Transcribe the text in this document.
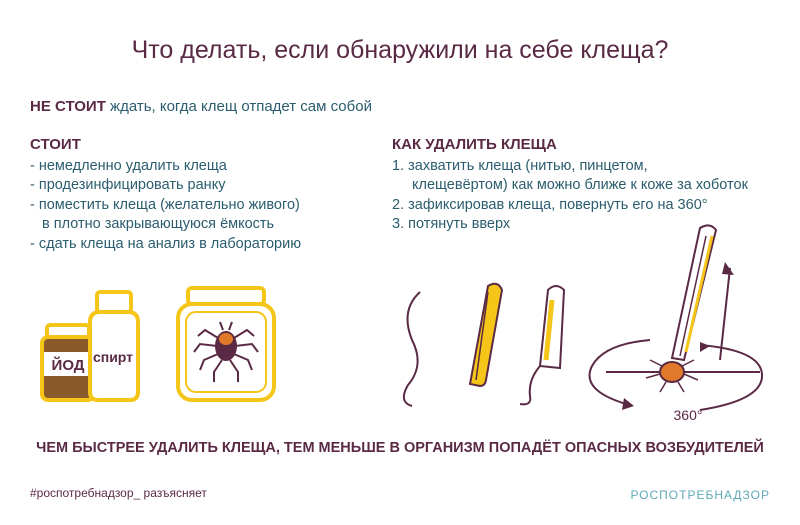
Что делать, если обнаружили на себе клеща?
НЕ СТОИТ ждать, когда клещ отпадет сам собой
СТОИТ
- немедленно удалить клеща
- продезинфицировать ранку
- поместить клеща (желательно живого)
в плотно закрывающуюся ёмкость
- сдать клеща на анализ в лабораторию
КАК УДАЛИТЬ КЛЕЩА
1. захватить клеща (нитью, пинцетом,
клещевёртом) как можно ближе к коже за хоботок
2. зафиксировав клеща, повернуть его на 360°
3. потянуть вверх
ЙОД спирт
360°
ЧЕМ БЫСТРЕЕ УДАЛИТЬ КЛЕЩА, ТЕМ МЕНЬШЕ В ОРГАНИЗМ ПОПАДЁТ ОПАСНЫХ ВОЗБУДИТЕЛЕЙ
#роспотребнадзор_ разъясняет	РОСПОТРЕБНАДЗОР
